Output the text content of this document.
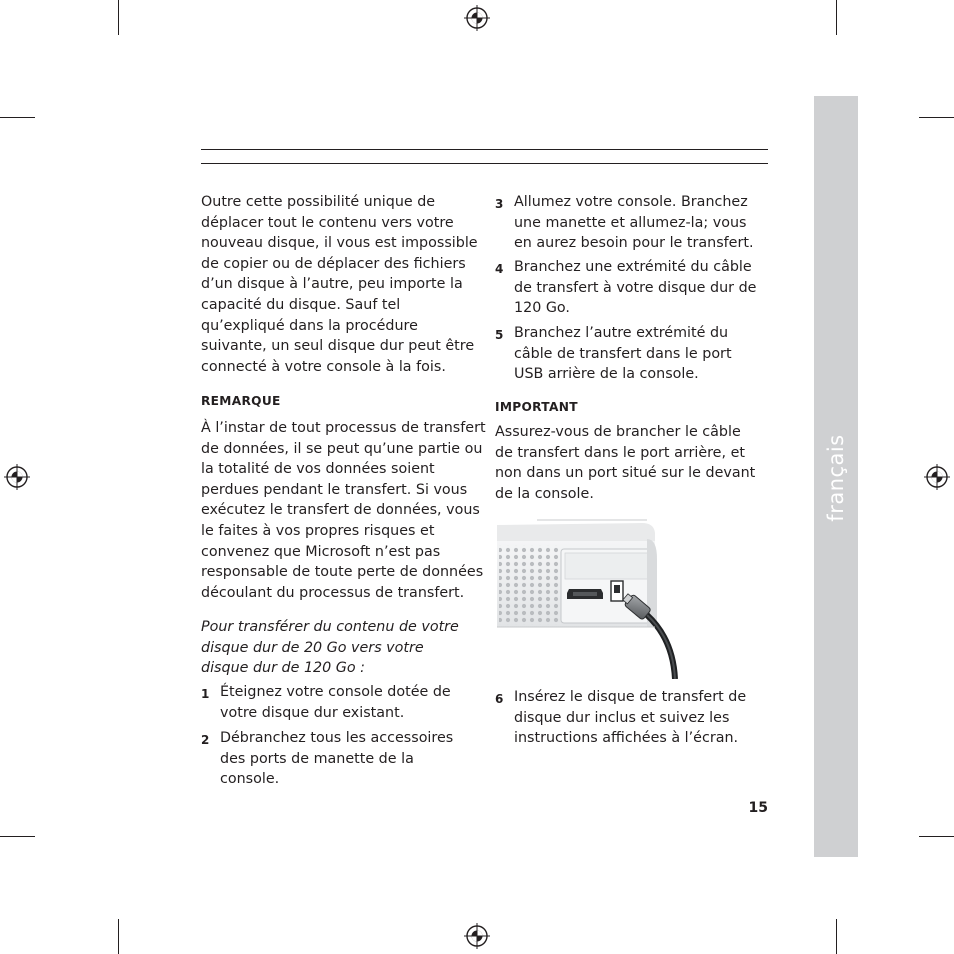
français

Outre cette possibilité unique de
déplacer tout le contenu vers votre
nouveau disque, il vous est impossible
de copier ou de déplacer des fichiers
d’un disque à l’autre, peu importe la
capacité du disque. Sauf tel
qu’expliqué dans la procédure
suivante, un seul disque dur peut être
connecté à votre console à la fois.

REMARQUE

À l’instar de tout processus de transfert
de données, il se peut qu’une partie ou
la totalité de vos données soient
perdues pendant le transfert. Si vous
exécutez le transfert de données, vous
le faites à vos propres risques et
convenez que Microsoft n’est pas
responsable de toute perte de données
découlant du processus de transfert.

Pour transférer du contenu de votre
disque dur de 20 Go vers votre
disque dur de 120 Go :

1 Éteignez votre console dotée de
votre disque dur existant.
2 Débranchez tous les accessoires
des ports de manette de la
console.
3 Allumez votre console. Branchez
une manette et allumez-la; vous
en aurez besoin pour le transfert.
4 Branchez une extrémité du câble
de transfert à votre disque dur de
120 Go.
5 Branchez l’autre extrémité du
câble de transfert dans le port
USB arrière de la console.

IMPORTANT

Assurez-vous de brancher le câble
de transfert dans le port arrière, et
non dans un port situé sur le devant
de la console.

6 Insérez le disque de transfert de
disque dur inclus et suivez les
instructions affichées à l’écran.
15
